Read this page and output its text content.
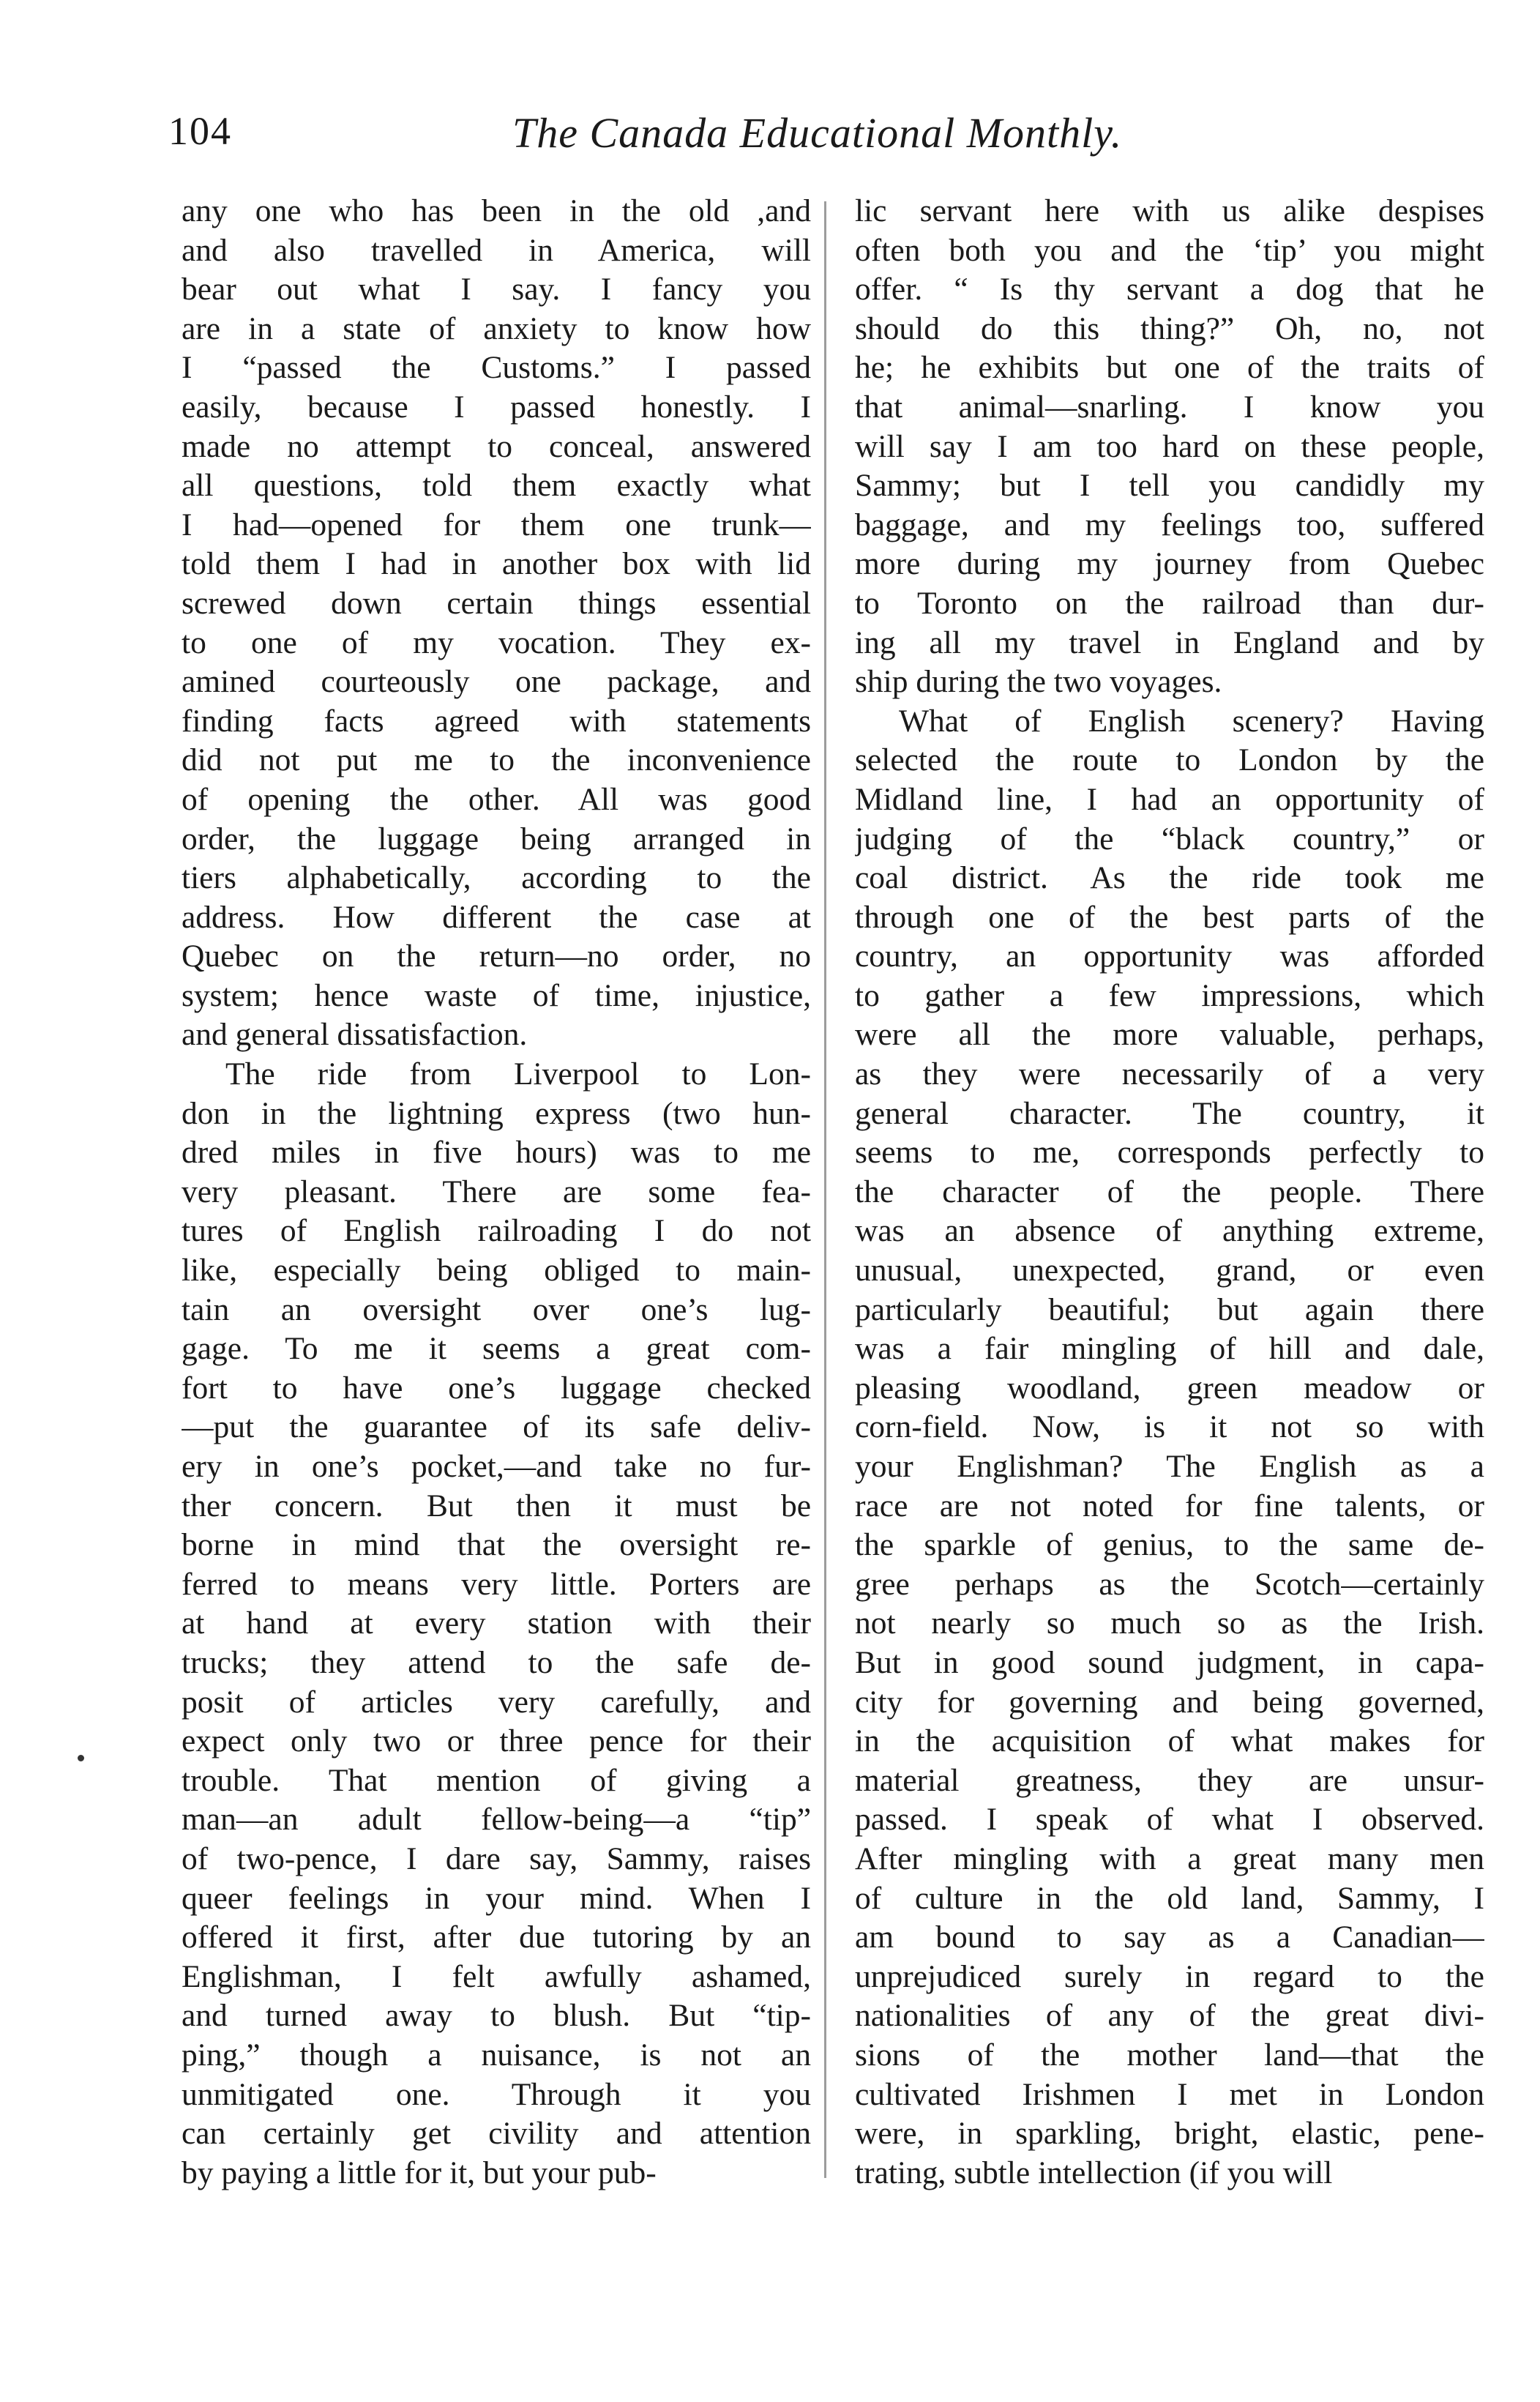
104	The Canada Educational Monthly.
any one who has been in the old ,and
and also travelled in America, will
bear out what I say. I fancy you
are in a state of anxiety to know how
I “passed the Customs.” I passed
easily, because I passed honestly. I
made no attempt to conceal, answered
all questions, told them exactly what
I had—opened for them one trunk—
told them I had in another box with lid
screwed down certain things essential
to one of my vocation. They ex-
amined courteously one package, and
finding facts agreed with statements
did not put me to the inconvenience
of opening the other. All was good
order, the luggage being arranged in
tiers alphabetically, according to the
address. How different the case at
Quebec on the return—no order, no
system; hence waste of time, injustice,
and general dissatisfaction.
The ride from Liverpool to Lon-
don in the lightning express (two hun-
dred miles in five hours) was to me
very pleasant. There are some fea-
tures of English railroading I do not
like, especially being obliged to main-
tain an oversight over one’s lug-
gage. To me it seems a great com-
fort to have one’s luggage checked
—put the guarantee of its safe deliv-
ery in one’s pocket,—and take no fur-
ther concern. But then it must be
borne in mind that the oversight re-
ferred to means very little. Porters are
at hand at every station with their
trucks; they attend to the safe de-
posit of articles very carefully, and
expect only two or three pence for their
trouble. That mention of giving a
man—an adult fellow-being—a “tip”
of two-pence, I dare say, Sammy, raises
queer feelings in your mind. When I
offered it first, after due tutoring by an
Englishman, I felt awfully ashamed,
and turned away to blush. But “tip-
ping,” though a nuisance, is not an
unmitigated one. Through it you
can certainly get civility and attention
by paying a little for it, but your pub-
lic servant here with us alike despises
often both you and the ‘tip’ you might
offer. “ Is thy servant a dog that he
should do this thing?” Oh, no, not
he; he exhibits but one of the traits of
that animal—snarling. I know you
will say I am too hard on these people,
Sammy; but I tell you candidly my
baggage, and my feelings too, suffered
more during my journey from Quebec
to Toronto on the railroad than dur-
ing all my travel in England and by
ship during the two voyages.
What of English scenery? Having
selected the route to London by the
Midland line, I had an opportunity of
judging of the “black country,” or
coal district. As the ride took me
through one of the best parts of the
country, an opportunity was afforded
to gather a few impressions, which
were all the more valuable, perhaps,
as they were necessarily of a very
general character. The country, it
seems to me, corresponds perfectly to
the character of the people. There
was an absence of anything extreme,
unusual, unexpected, grand, or even
particularly beautiful; but again there
was a fair mingling of hill and dale,
pleasing woodland, green meadow or
corn-field. Now, is it not so with
your Englishman? The English as a
race are not noted for fine talents, or
the sparkle of genius, to the same de-
gree perhaps as the Scotch—certainly
not nearly so much so as the Irish.
But in good sound judgment, in capa-
city for governing and being governed,
in the acquisition of what makes for
material greatness, they are unsur-
passed. I speak of what I observed.
After mingling with a great many men
of culture in the old land, Sammy, I
am bound to say as a Canadian—
unprejudiced surely in regard to the
nationalities of any of the great divi-
sions of the mother land—that the
cultivated Irishmen I met in London
were, in sparkling, bright, elastic, pene-
trating, subtle intellection (if you will
